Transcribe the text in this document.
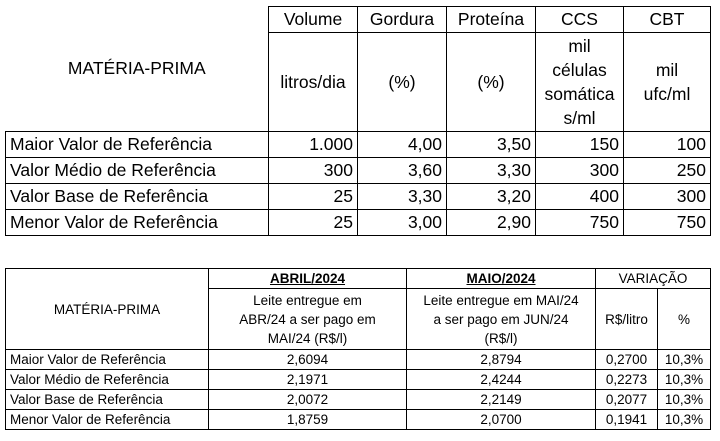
MATÉRIA-PRIMA	Volume	Gordura	Proteína	CCS	CBT
	litros/dia	(%)	(%)	mil
células
somática
s/ml	mil
ufc/ml
Maior Valor de Referência	1.000	4,00	3,50	150	100
Valor Médio de Referência	300	3,60	3,30	300	250
Valor Base de Referência	25	3,30	3,20	400	300
Menor Valor de Referência	25	3,00	2,90	750	750
MATÉRIA-PRIMA	ABRIL/2024	MAIO/2024	VARIAÇÃO	
	Leite entregue em
ABR/24 a ser pago em
MAI/24 (R$/l)	Leite entregue em MAI/24
a ser pago em JUN/24
(R$/l)	R$/litro	%
Maior Valor de Referência	2,6094	2,8794	0,2700	10,3%
Valor Médio de Referência	2,1971	2,4244	0,2273	10,3%
Valor Base de Referência	2,0072	2,2149	0,2077	10,3%
Menor Valor de Referência	1,8759	2,0700	0,1941	10,3%
